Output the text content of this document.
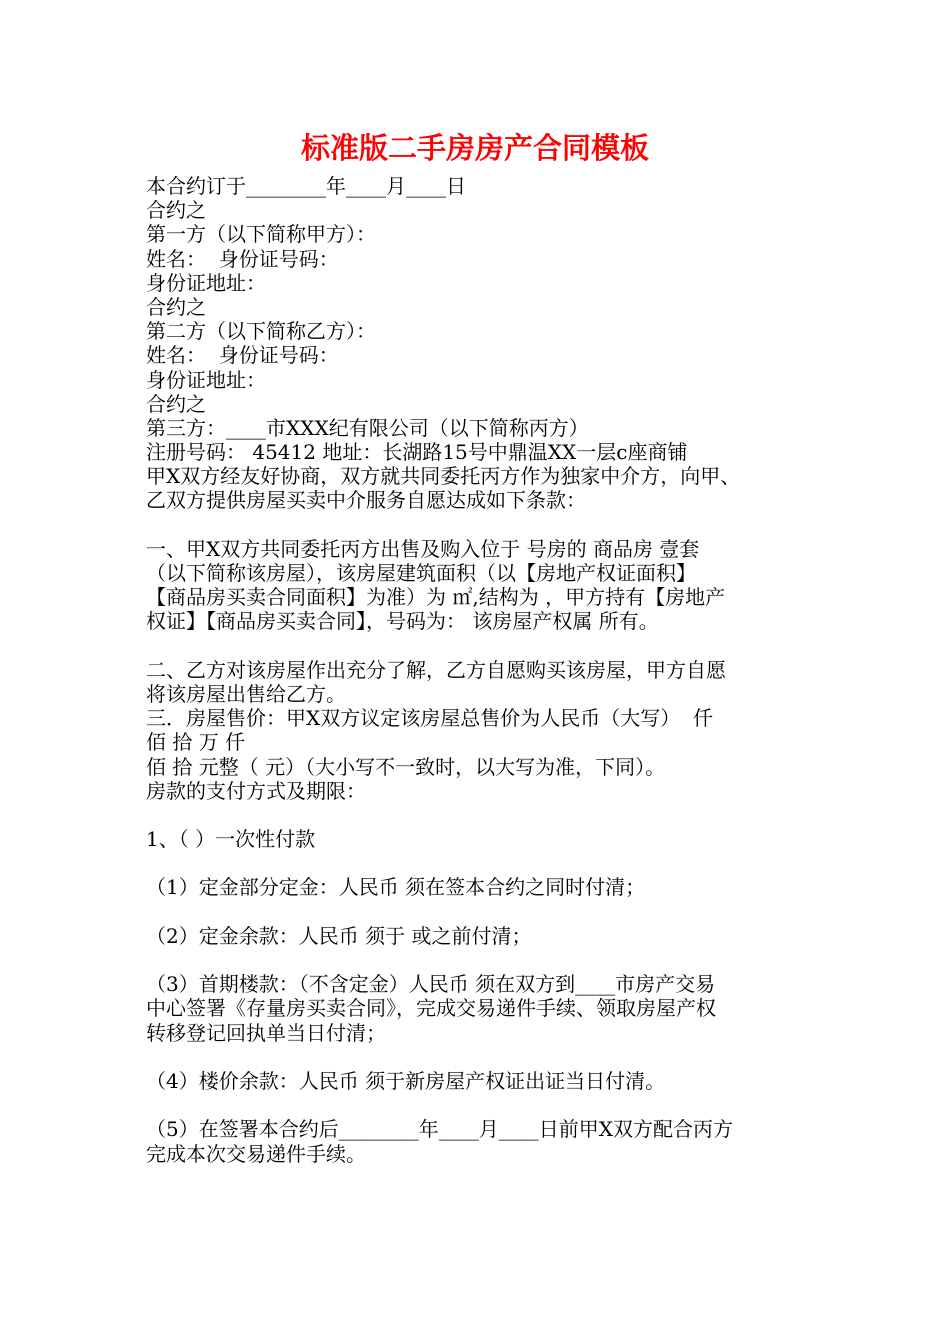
标准版二手房房产合同模板
本合约订于________年____月____日
合约之
第一方（以下简称甲方）：
姓名：  身份证号码：
身份证地址：
合约之
第二方（以下简称乙方）：
姓名：  身份证号码：
身份证地址：
合约之
第三方：____市XXX纪有限公司（以下简称丙方）
注册号码： 45412 地址：长湖路15号中鼎温XX一层c座商铺
甲X双方经友好协商，双方就共同委托丙方作为独家中介方，向甲、
乙双方提供房屋买卖中介服务自愿达成如下条款：
一、甲X双方共同委托丙方出售及购入位于 号房的 商品房 壹套
（以下简称该房屋），该房屋建筑面积（以【房地产权证面积】
【商品房买卖合同面积】为准）为 ㎡,结构为 ，甲方持有【房地产
权证】【商品房买卖合同】，号码为： 该房屋产权属 所有。
二、乙方对该房屋作出充分了解，乙方自愿购买该房屋，甲方自愿
将该房屋出售给乙方。
三．房屋售价：甲X双方议定该房屋总售价为人民币（大写）  仟
佰 拾 万 仟
佰 拾 元整（ 元）（大小写不一致时，以大写为准，下同）。
房款的支付方式及期限：
1、（ ）一次性付款
（1）定金部分定金：人民币 须在签本合约之同时付清；
（2）定金余款：人民币 须于 或之前付清；
（3）首期楼款：（不含定金）人民币 须在双方到____市房产交易
中心签署《存量房买卖合同》，完成交易递件手续、领取房屋产权
转移登记回执单当日付清；
（4）楼价余款：人民币 须于新房屋产权证出证当日付清。
（5）在签署本合约后________年____月____日前甲X双方配合丙方
完成本次交易递件手续。
